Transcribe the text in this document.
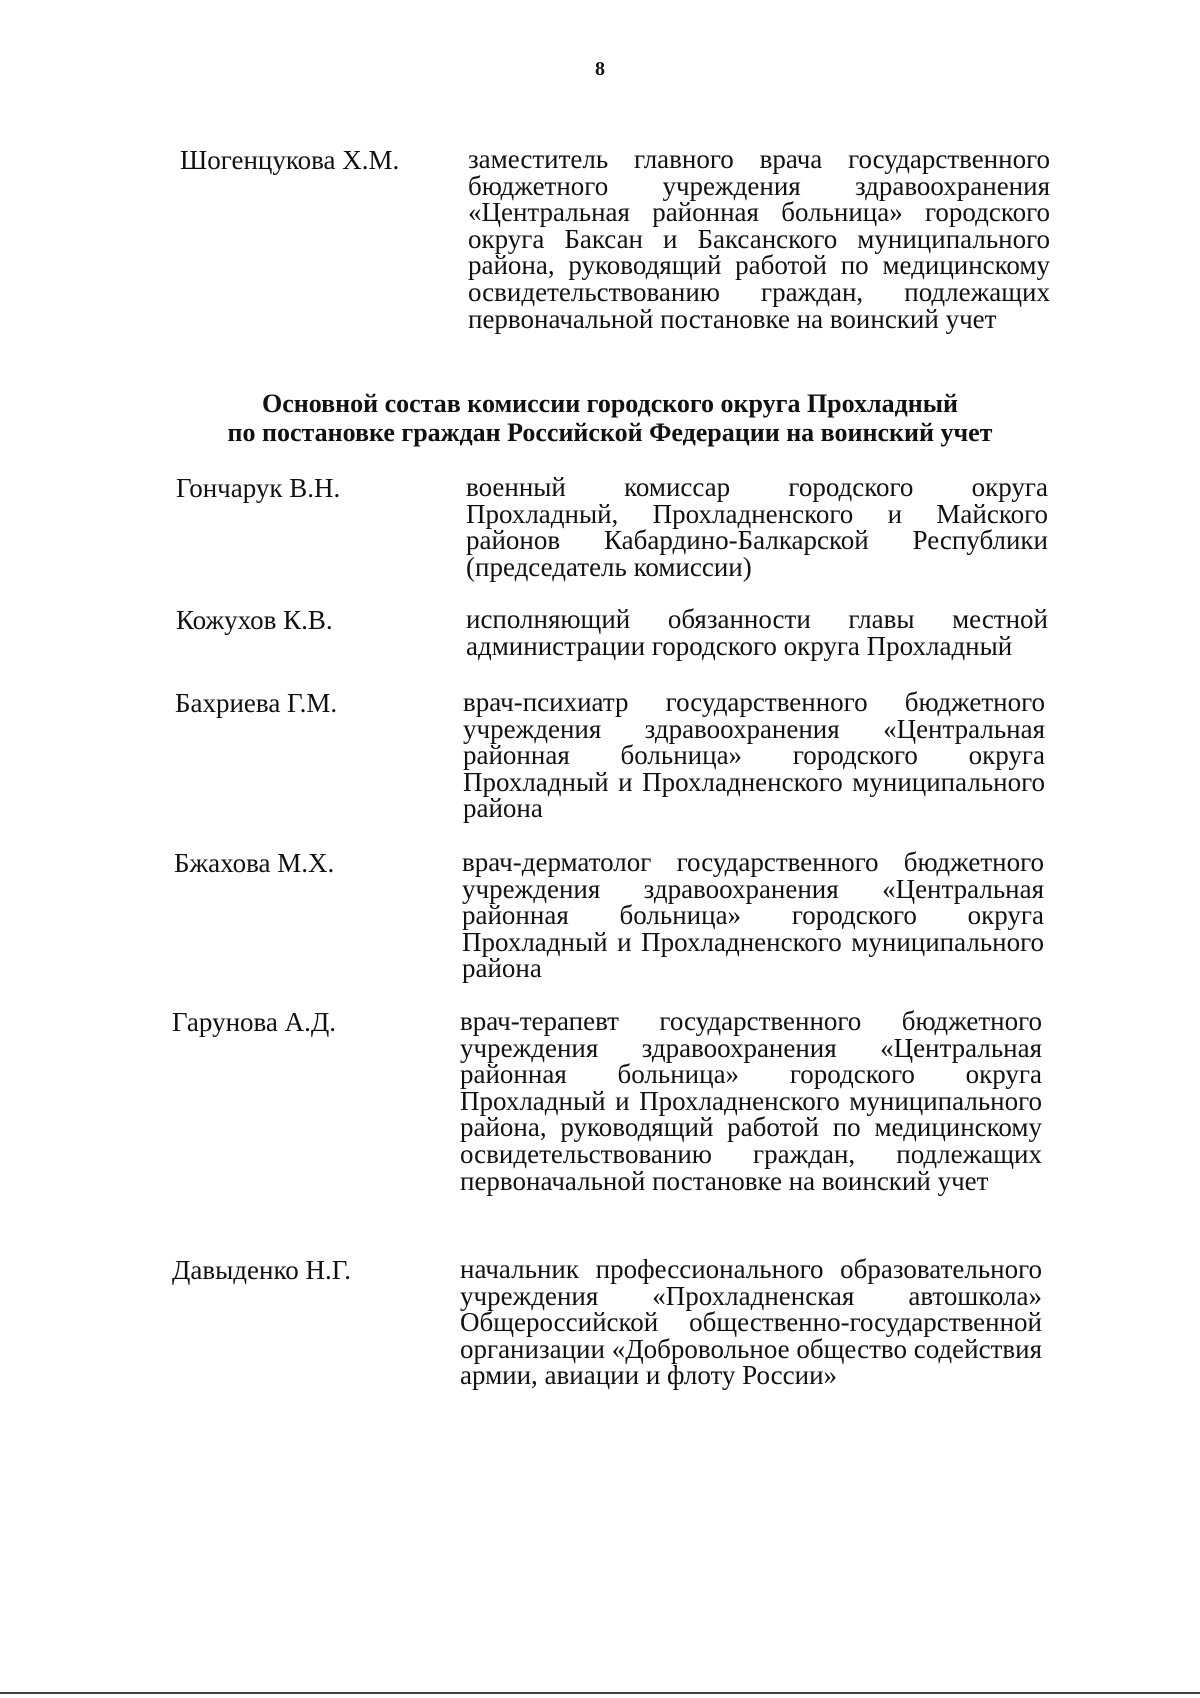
8
Шогенцукова Х.М.	заместитель главного врача государственного бюджетного учреждения здравоохранения «Центральная районная больница» городского округа Баксан и Баксанского муниципального района, руководящий работой по медицинскому освидетельствованию граждан, подлежащих первоначальной постановке на воинский учет
Основной состав комиссии городского округа Прохладный
по постановке граждан Российской Федерации на воинский учет
Гончарук В.Н.	военный комиссар городского округа Прохладный, Прохладненского и Майского районов Кабардино-Балкарской Республики (председатель комиссии)
Кожухов К.В.	исполняющий обязанности главы местной администрации городского округа Прохладный
Бахриева Г.М.	врач-психиатр государственного бюджетного учреждения здравоохранения «Центральная районная больница» городского округа Прохладный и Прохладненского муниципального района
Бжахова М.Х.	врач-дерматолог государственного бюджетного учреждения здравоохранения «Центральная районная больница» городского округа Прохладный и Прохладненского муниципального района
Гарунова А.Д.	врач-терапевт государственного бюджетного учреждения здравоохранения «Центральная районная больница» городского округа Прохладный и Прохладненского муниципального района, руководящий работой по медицинскому освидетельствованию граждан, подлежащих первоначальной постановке на воинский учет
Давыденко Н.Г.	начальник профессионального образовательного учреждения «Прохладненская автошкола» Общероссийской общественно-государственной организации «Добровольное общество содействия армии, авиации и флоту России»
